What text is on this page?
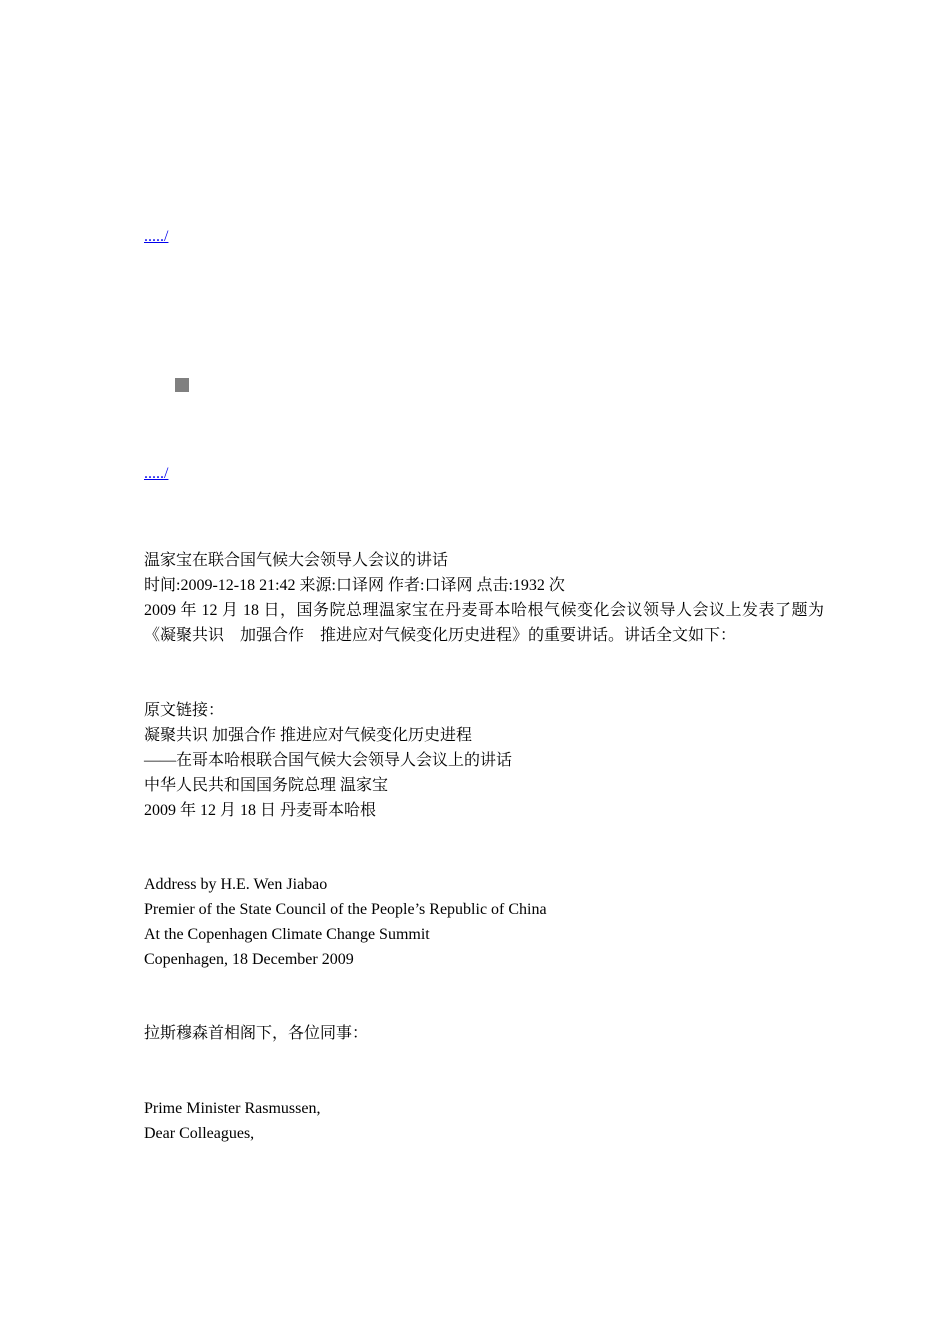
...../
...../
温家宝在联合国气候大会领导人会议的讲话
时间:2009-12-18 21:42 来源:口译网 作者:口译网 点击:1932 次
2009 年 12 月 18 日，国务院总理温家宝在丹麦哥本哈根气候变化会议领导人会议上发表了题为《凝聚共识　加强合作　推进应对气候变化历史进程》的重要讲话。讲话全文如下：
原文链接：
凝聚共识 加强合作 推进应对气候变化历史进程
——在哥本哈根联合国气候大会领导人会议上的讲话
中华人民共和国国务院总理 温家宝
2009 年 12 月 18 日 丹麦哥本哈根
Address by H.E. Wen Jiabao
Premier of the State Council of the People’s Republic of China
At the Copenhagen Climate Change Summit
Copenhagen, 18 December 2009
拉斯穆森首相阁下，各位同事：
Prime Minister Rasmussen,
Dear Colleagues,
